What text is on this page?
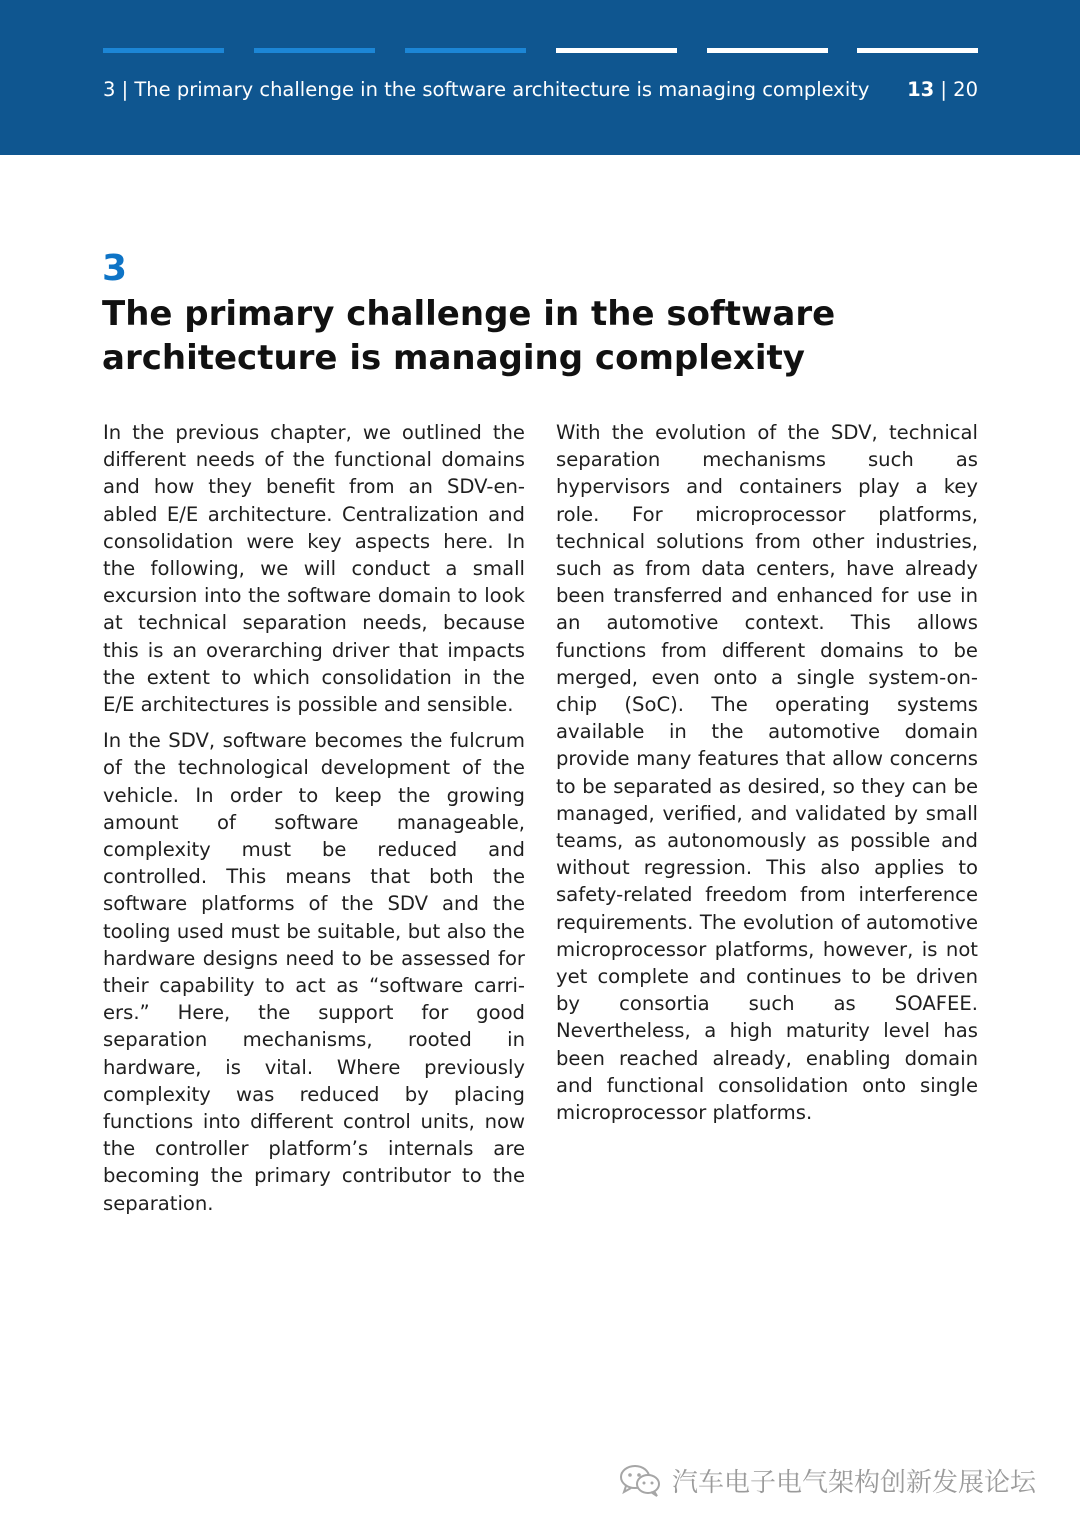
3 | The primary challenge in the software architecture is managing complexity 13 | 20
3
The primary challenge in the software architecture is managing complexity

In the previous chapter, we outlined the different needs of the functional domains and how they benefit from an SDV-enabled E/E architecture. Centralization and consolidation were key aspects here. In the following, we will conduct a small excursion into the software domain to look at technical separation needs, because this is an overarching driver that impacts the extent to which consolidation in the E/E architectures is possible and sensible.

In the SDV, software becomes the fulcrum of the technological development of the vehicle. In order to keep the growing amount of software manageable, complexity must be reduced and controlled. This means that both the software platforms of the SDV and the tooling used must be suitable, but also the hardware designs need to be assessed for their capability to act as “software carriers.” Here, the support for good separation mechanisms, rooted in hardware, is vital. Where previously complexity was reduced by placing functions into different control units, now the controller platform’s internals are becoming the primary contributor to the separation.

With the evolution of the SDV, technical separation mechanisms such as hypervisors and containers play a key role. For microprocessor platforms, technical solutions from other industries, such as from data centers, have already been transferred and enhanced for use in an automotive context. This allows functions from different domains to be merged, even onto a single system-on-chip (SoC). The operating systems available in the automotive domain provide many features that allow concerns to be separated as desired, so they can be managed, verified, and validated by small teams, as autonomously as possible and without regression. This also applies to safety-related freedom from interference requirements. The evolution of automotive microprocessor platforms, however, is not yet complete and continues to be driven by consortia such as SOAFEE. Nevertheless, a high maturity level has been reached already, enabling domain and functional consolidation onto single microprocessor platforms.

汽车电子电气架构创新发展论坛
